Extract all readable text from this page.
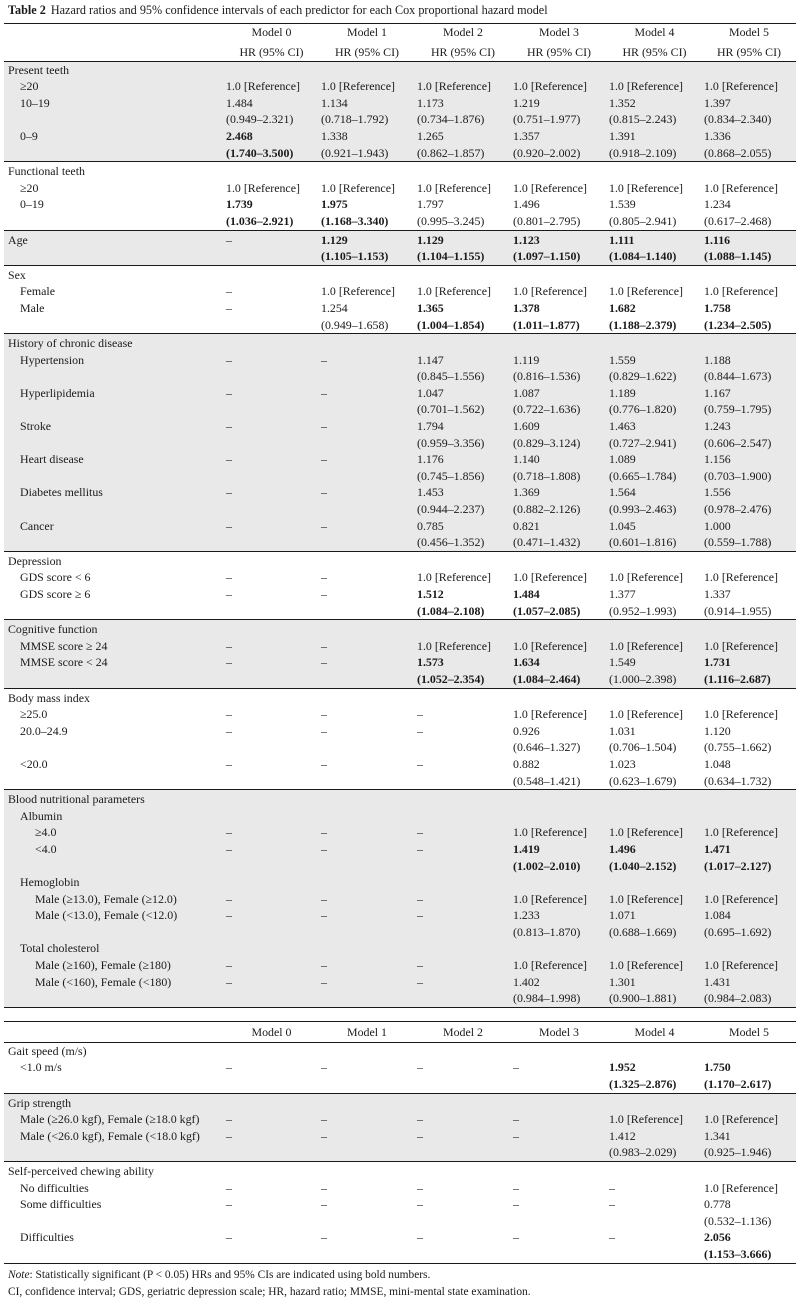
Table 2 Hazard ratios and 95% confidence intervals of each predictor for each Cox proportional hazard model
	Model 0	Model 1	Model 2	Model 3	Model 4	Model 5
	HR (95% CI)	HR (95% CI)	HR (95% CI)	HR (95% CI)	HR (95% CI)	HR (95% CI)
Present teeth						
≥20	1.0 [Reference]	1.0 [Reference]	1.0 [Reference]	1.0 [Reference]	1.0 [Reference]	1.0 [Reference]
10–19	1.484	1.134	1.173	1.219	1.352	1.397
	(0.949–2.321)	(0.718–1.792)	(0.734–1.876)	(0.751–1.977)	(0.815–2.243)	(0.834–2.340)
0–9	2.468	1.338	1.265	1.357	1.391	1.336
	(1.740–3.500)	(0.921–1.943)	(0.862–1.857)	(0.920–2.002)	(0.918–2.109)	(0.868–2.055)
Functional teeth						
≥20	1.0 [Reference]	1.0 [Reference]	1.0 [Reference]	1.0 [Reference]	1.0 [Reference]	1.0 [Reference]
0–19	1.739	1.975	1.797	1.496	1.539	1.234
	(1.036–2.921)	(1.168–3.340)	(0.995–3.245)	(0.801–2.795)	(0.805–2.941)	(0.617–2.468)
Age	–	1.129	1.129	1.123	1.111	1.116
		(1.105–1.153)	(1.104–1.155)	(1.097–1.150)	(1.084–1.140)	(1.088–1.145)
Sex						
Female	–	1.0 [Reference]	1.0 [Reference]	1.0 [Reference]	1.0 [Reference]	1.0 [Reference]
Male	–	1.254	1.365	1.378	1.682	1.758
		(0.949–1.658)	(1.004–1.854)	(1.011–1.877)	(1.188–2.379)	(1.234–2.505)
History of chronic disease						
Hypertension	–	–	1.147	1.119	1.559	1.188
			(0.845–1.556)	(0.816–1.536)	(0.829–1.622)	(0.844–1.673)
Hyperlipidemia	–	–	1.047	1.087	1.189	1.167
			(0.701–1.562)	(0.722–1.636)	(0.776–1.820)	(0.759–1.795)
Stroke	–	–	1.794	1.609	1.463	1.243
			(0.959–3.356)	(0.829–3.124)	(0.727–2.941)	(0.606–2.547)
Heart disease	–	–	1.176	1.140	1.089	1.156
			(0.745–1.856)	(0.718–1.808)	(0.665–1.784)	(0.703–1.900)
Diabetes mellitus	–	–	1.453	1.369	1.564	1.556
			(0.944–2.237)	(0.882–2.126)	(0.993–2.463)	(0.978–2.476)
Cancer	–	–	0.785	0.821	1.045	1.000
			(0.456–1.352)	(0.471–1.432)	(0.601–1.816)	(0.559–1.788)
Depression						
GDS score < 6	–	–	1.0 [Reference]	1.0 [Reference]	1.0 [Reference]	1.0 [Reference]
GDS score ≥ 6	–	–	1.512	1.484	1.377	1.337
			(1.084–2.108)	(1.057–2.085)	(0.952–1.993)	(0.914–1.955)
Cognitive function						
MMSE score ≥ 24	–	–	1.0 [Reference]	1.0 [Reference]	1.0 [Reference]	1.0 [Reference]
MMSE score < 24	–	–	1.573	1.634	1.549	1.731
			(1.052–2.354)	(1.084–2.464)	(1.000–2.398)	(1.116–2.687)
Body mass index						
≥25.0	–	–	–	1.0 [Reference]	1.0 [Reference]	1.0 [Reference]
20.0–24.9	–	–	–	0.926	1.031	1.120
				(0.646–1.327)	(0.706–1.504)	(0.755–1.662)
<20.0	–	–	–	0.882	1.023	1.048
				(0.548–1.421)	(0.623–1.679)	(0.634–1.732)
Blood nutritional parameters						
Albumin						
≥4.0	–	–	–	1.0 [Reference]	1.0 [Reference]	1.0 [Reference]
<4.0	–	–	–	1.419	1.496	1.471
				(1.002–2.010)	(1.040–2.152)	(1.017–2.127)
Hemoglobin						
Male (≥13.0), Female (≥12.0)	–	–	–	1.0 [Reference]	1.0 [Reference]	1.0 [Reference]
Male (<13.0), Female (<12.0)	–	–	–	1.233	1.071	1.084
				(0.813–1.870)	(0.688–1.669)	(0.695–1.692)
Total cholesterol						
Male (≥160), Female (≥180)	–	–	–	1.0 [Reference]	1.0 [Reference]	1.0 [Reference]
Male (<160), Female (<180)	–	–	–	1.402	1.301	1.431
				(0.984–1.998)	(0.900–1.881)	(0.984–2.083)
	Model 0	Model 1	Model 2	Model 3	Model 4	Model 5
Gait speed (m/s)						
<1.0 m/s	–	–	–	–	1.952	1.750
					(1.325–2.876)	(1.170–2.617)
Grip strength						
Male (≥26.0 kgf), Female (≥18.0 kgf)	–	–	–	–	1.0 [Reference]	1.0 [Reference]
Male (<26.0 kgf), Female (<18.0 kgf)	–	–	–	–	1.412	1.341
					(0.983–2.029)	(0.925–1.946)
Self-perceived chewing ability						
No difficulties	–	–	–	–	–	1.0 [Reference]
Some difficulties	–	–	–	–	–	0.778
						(0.532–1.136)
Difficulties	–	–	–	–	–	2.056
						(1.153–3.666)
Note: Statistically significant (P < 0.05) HRs and 95% CIs are indicated using bold numbers.
CI, confidence interval; GDS, geriatric depression scale; HR, hazard ratio; MMSE, mini-mental state examination.
